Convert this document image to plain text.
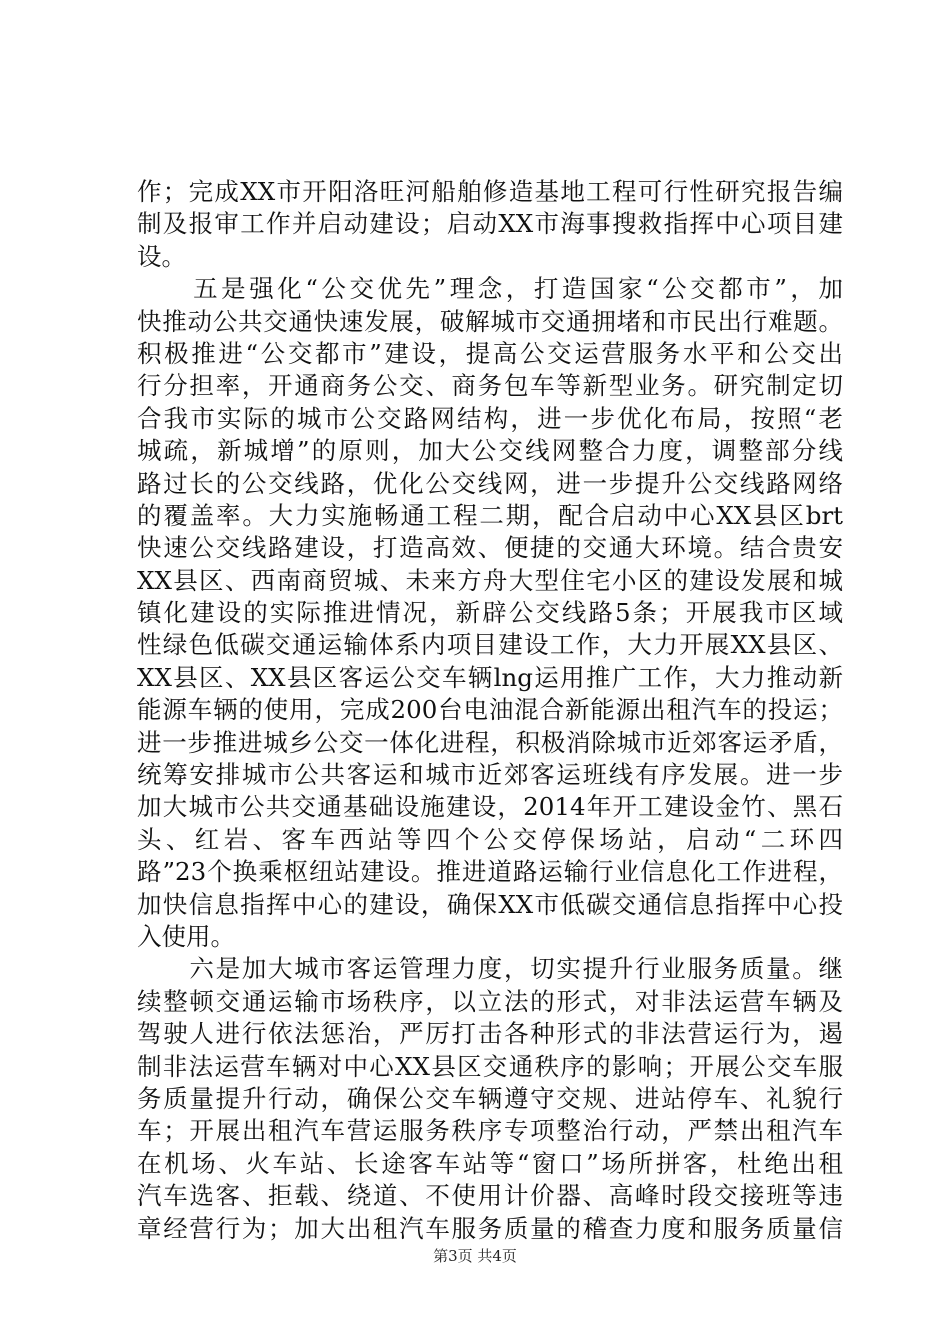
作；完成XX市开阳洛旺河船舶修造基地工程可行性研究报告编
制及报审工作并启动建设；启动XX市海事搜救指挥中心项目建
设。
　　五是强化“公交优先”理念，打造国家“公交都市”，加
快推动公共交通快速发展，破解城市交通拥堵和市民出行难题。
积极推进“公交都市”建设，提高公交运营服务水平和公交出
行分担率，开通商务公交、商务包车等新型业务。研究制定切
合我市实际的城市公交路网结构，进一步优化布局，按照“老
城疏，新城增”的原则，加大公交线网整合力度，调整部分线
路过长的公交线路，优化公交线网，进一步提升公交线路网络
的覆盖率。大力实施畅通工程二期，配合启动中心XX县区brt
快速公交线路建设，打造高效、便捷的交通大环境。结合贵安
XX县区、西南商贸城、未来方舟大型住宅小区的建设发展和城
镇化建设的实际推进情况，新辟公交线路5条；开展我市区域
性绿色低碳交通运输体系内项目建设工作，大力开展XX县区、
XX县区、XX县区客运公交车辆lng运用推广工作，大力推动新
能源车辆的使用，完成200台电油混合新能源出租汽车的投运；
进一步推进城乡公交一体化进程，积极消除城市近郊客运矛盾，
统筹安排城市公共客运和城市近郊客运班线有序发展。进一步
加大城市公共交通基础设施建设，2014年开工建设金竹、黑石
头、红岩、客车西站等四个公交停保场站，启动“二环四
路”23个换乘枢纽站建设。推进道路运输行业信息化工作进程，
加快信息指挥中心的建设，确保XX市低碳交通信息指挥中心投
入使用。
　　六是加大城市客运管理力度，切实提升行业服务质量。继
续整顿交通运输市场秩序，以立法的形式，对非法运营车辆及
驾驶人进行依法惩治，严厉打击各种形式的非法营运行为，遏
制非法运营车辆对中心XX县区交通秩序的影响；开展公交车服
务质量提升行动，确保公交车辆遵守交规、进站停车、礼貌行
车；开展出租汽车营运服务秩序专项整治行动，严禁出租汽车
在机场、火车站、长途客车站等“窗口”场所拼客，杜绝出租
汽车选客、拒载、绕道、不使用计价器、高峰时段交接班等违
章经营行为；加大出租汽车服务质量的稽查力度和服务质量信
第3页 共4页
